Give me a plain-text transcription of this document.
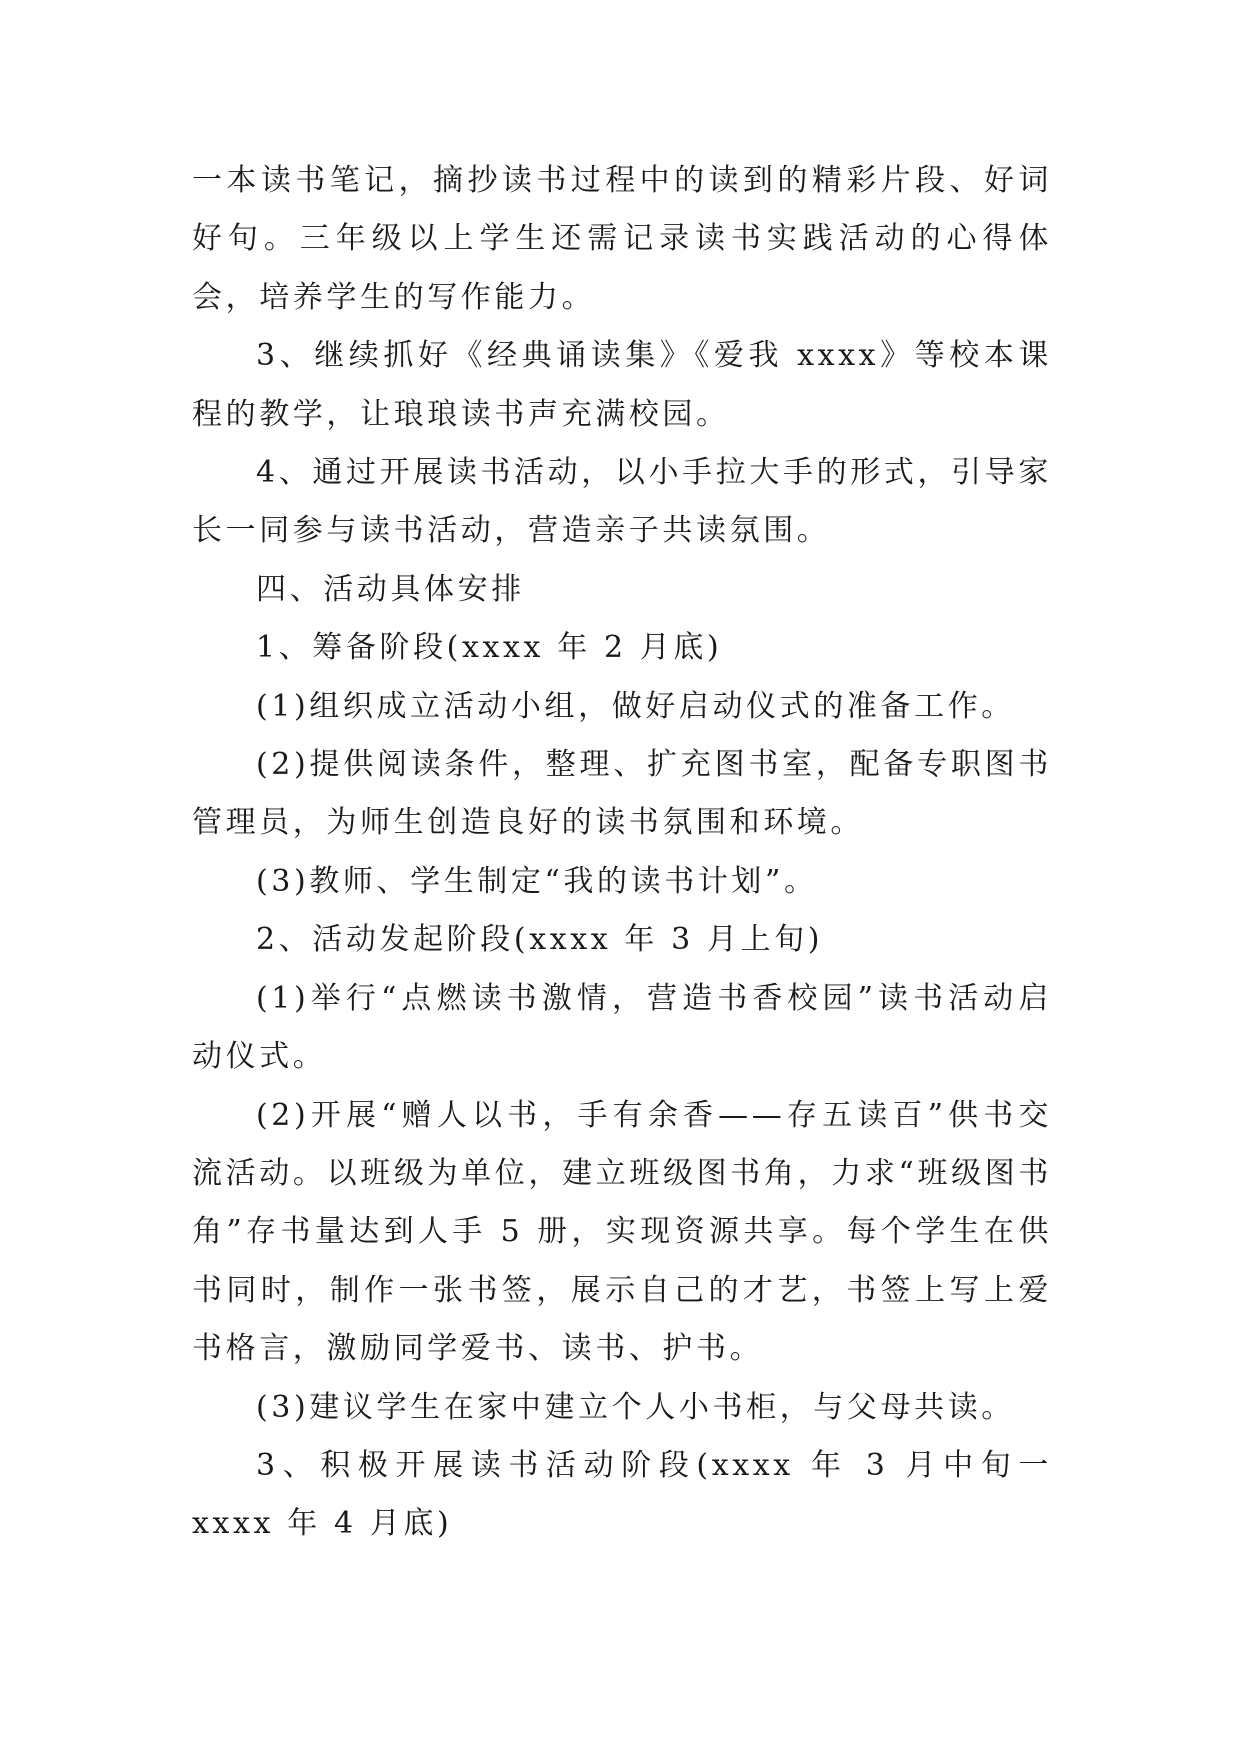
一本读书笔记，摘抄读书过程中的读到的精彩片段、好词好句。三年级以上学生还需记录读书实践活动的心得体会，培养学生的写作能力。

3、继续抓好《经典诵读集》《爱我 xxxx》等校本课程的教学，让琅琅读书声充满校园。

4、通过开展读书活动，以小手拉大手的形式，引导家长一同参与读书活动，营造亲子共读氛围。

四、活动具体安排

1、筹备阶段(xxxx 年 2 月底)

(1)组织成立活动小组，做好启动仪式的准备工作。

(2)提供阅读条件，整理、扩充图书室，配备专职图书管理员，为师生创造良好的读书氛围和环境。

(3)教师、学生制定“我的读书计划”。

2、活动发起阶段(xxxx 年 3 月上旬)

(1)举行“点燃读书激情，营造书香校园”读书活动启动仪式。

(2)开展“赠人以书，手有余香——存五读百”供书交流活动。以班级为单位，建立班级图书角，力求“班级图书角”存书量达到人手 5 册，实现资源共享。每个学生在供书同时，制作一张书签，展示自己的才艺，书签上写上爱书格言，激励同学爱书、读书、护书。

(3)建议学生在家中建立个人小书柜，与父母共读。

3、积极开展读书活动阶段(xxxx 年 3 月中旬一 xxxx 年 4 月底)
